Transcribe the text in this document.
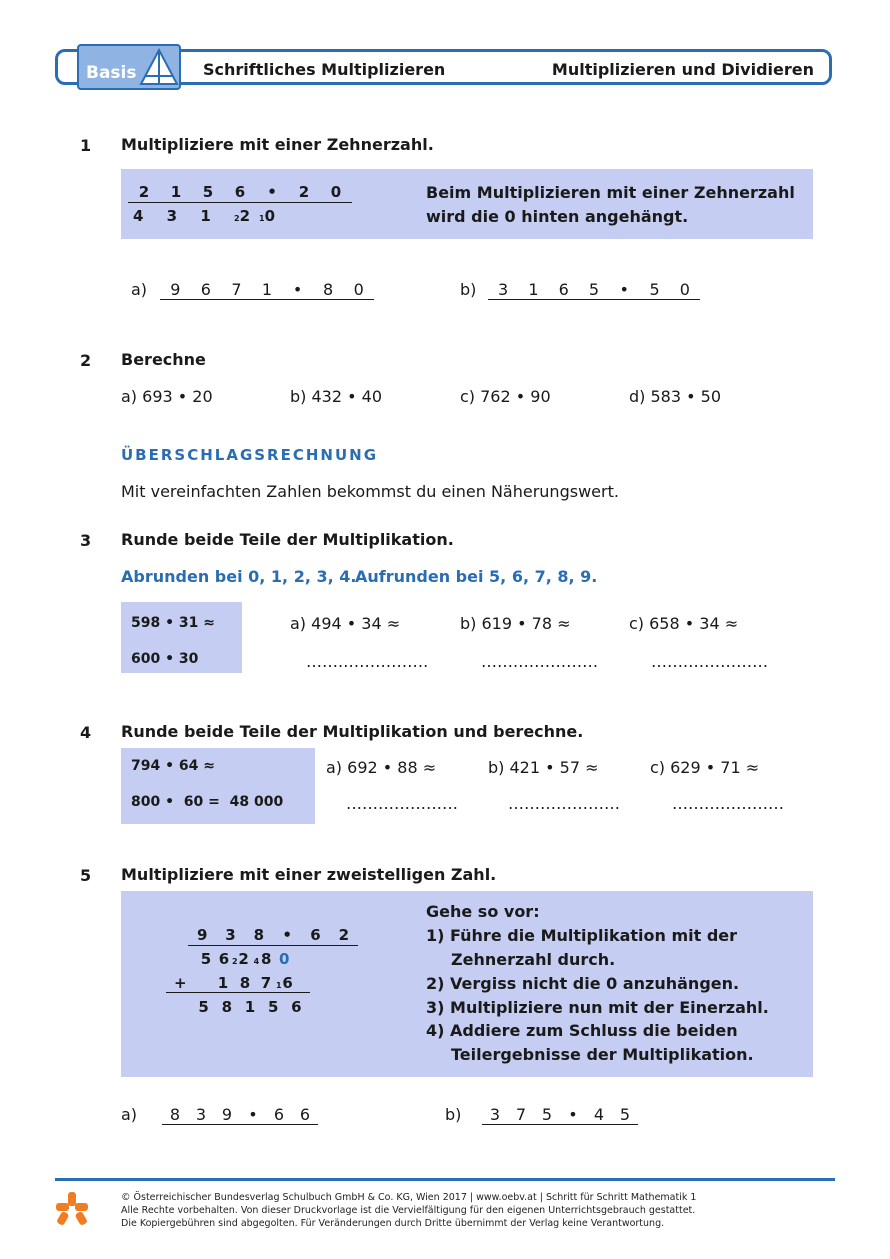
Basis	Schriftliches Multiplizieren	Multiplizieren und Dividieren
1 Multipliziere mit einer Zehnerzahl.
2 1 5 6 • 2 0
4 3 1 2210
Beim Multiplizieren mit einer Zehnerzahl
wird die 0 hinten angehängt.
a)	9 6 7 1 • 8 0	b)	3 1 6 5 • 5 0
2 Berechne
a) 693 • 20	b) 432 • 40	c) 762 • 90	d) 583 • 50
ÜBERSCHLAGSRECHNUNG
Mit vereinfachten Zahlen bekommst du einen Näherungswert.
3 Runde beide Teile der Multiplikation.
Abrunden bei 0, 1, 2, 3, 4.
Aufrunden bei 5, 6, 7, 8, 9.
598 • 31 ≈
600 • 30
a) 494 • 34 ≈	b) 619 • 78 ≈	c) 658 • 34 ≈
…….…………….	…….……………	…….……………
4 Runde beide Teile der Multiplikation und berechne.
794 • 64 ≈
800 •  60 =  48 000
a) 692 • 88 ≈	b) 421 • 57 ≈	c) 629 • 71 ≈
…………………	…………………	…………………
5 Multipliziere mit einer zweistelligen Zahl.
9 3 8 • 6 2
5 6 22 4 8 0
+	1 8 7 16
5 8 1 5 6
Gehe so vor:
1) Führe die Multiplikation mit der
Zehnerzahl durch.
2) Vergiss nicht die 0 anzuhängen.
3) Multipliziere nun mit der Einerzahl.
4) Addiere zum Schluss die beiden
Teilergebnisse der Multiplikation.
a)	8 3 9 • 6 6	b)	3 7 5 • 4 5
© Österreichischer Bundesverlag Schulbuch GmbH & Co. KG, Wien 2017 | www.oebv.at | Schritt für Schritt Mathematik 1
Alle Rechte vorbehalten. Von dieser Druckvorlage ist die Vervielfältigung für den eigenen Unterrichtsgebrauch gestattet.
Die Kopiergebühren sind abgegolten. Für Veränderungen durch Dritte übernimmt der Verlag keine Verantwortung.
